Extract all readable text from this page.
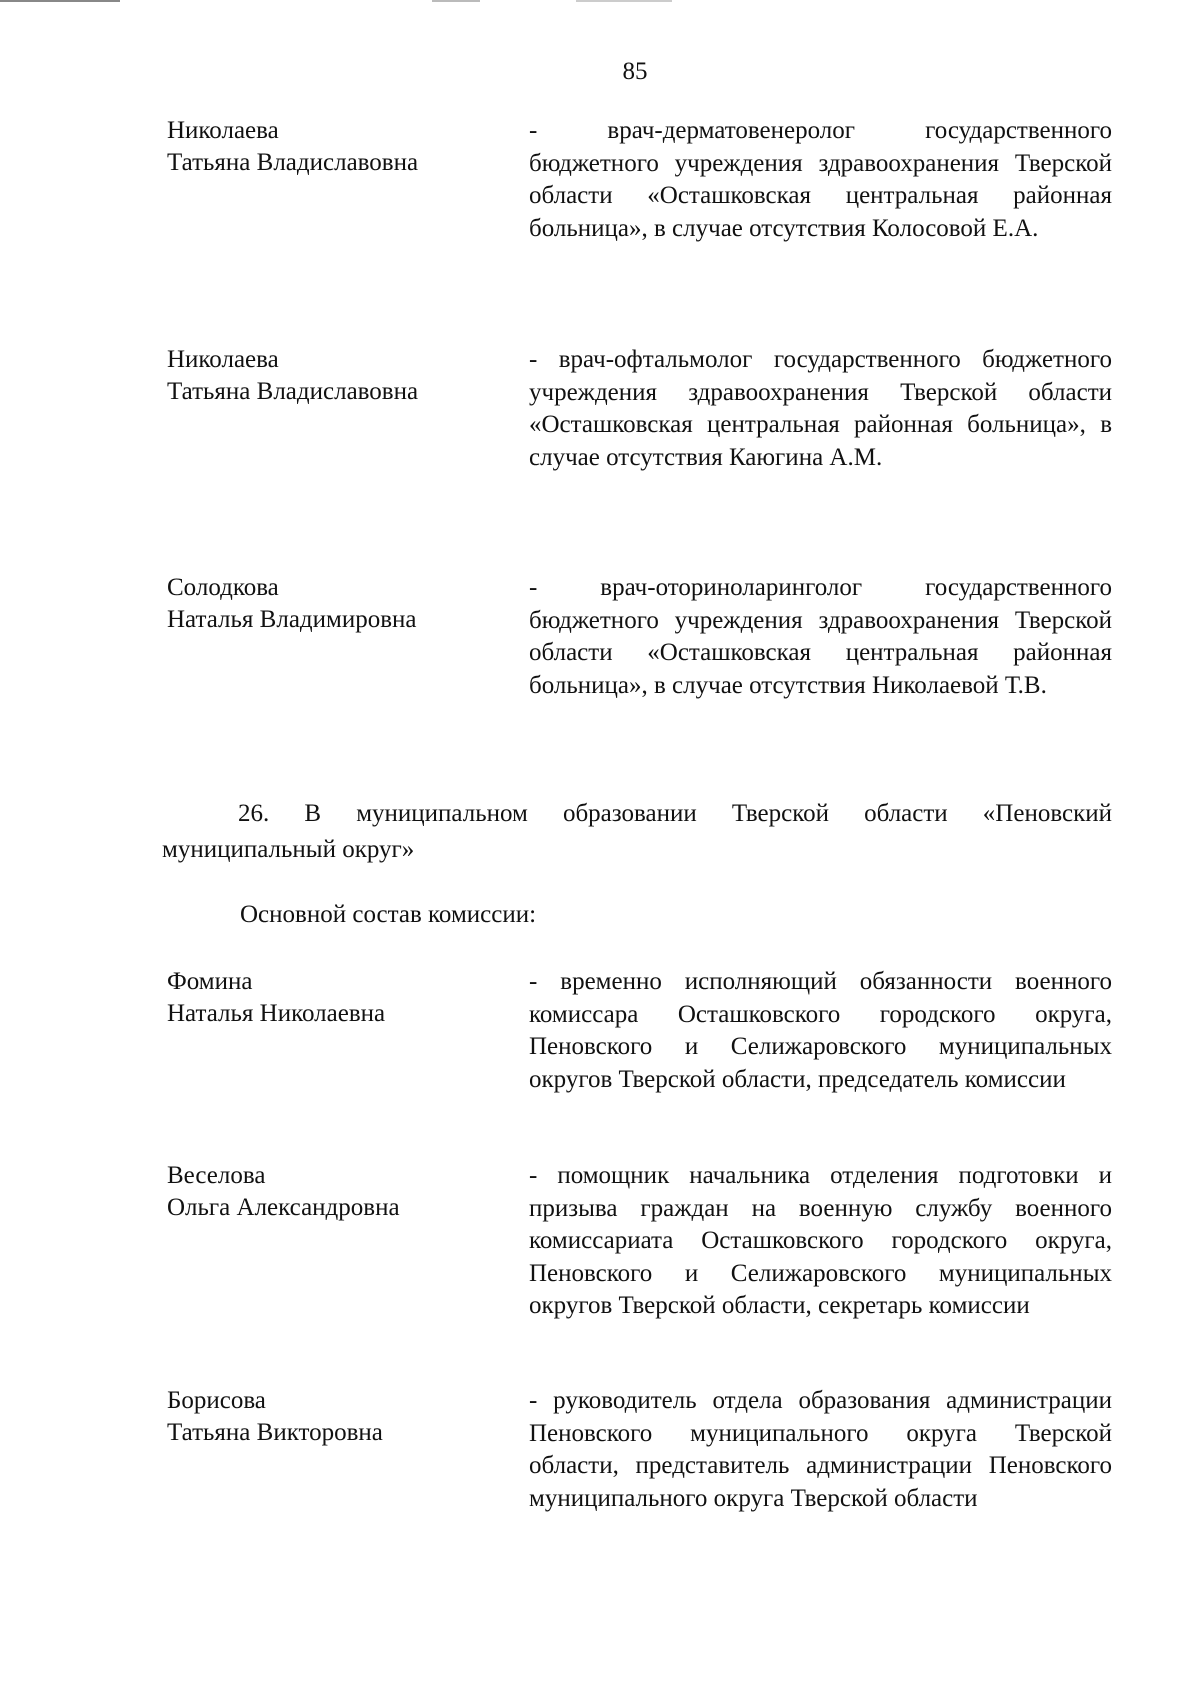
85
Николаева
Татьяна Владиславовна
- врач-дерматовенеролог государственного бюджетного учреждения здравоохранения Тверской области «Осташковская центральная районная больница», в случае отсутствия Колосовой Е.А.
Николаева
Татьяна Владиславовна
- врач-офтальмолог государственного бюджетного учреждения здравоохранения Тверской области «Осташковская центральная районная больница», в случае отсутствия Каюгина А.М.
Солодкова
Наталья Владимировна
- врач-оториноларинголог государственного бюджетного учреждения здравоохранения Тверской области «Осташковская центральная районная больница», в случае отсутствия Николаевой Т.В.
26. В муниципальном образовании Тверской области «Пеновский муниципальный округ»
Основной состав комиссии:
Фомина
Наталья Николаевна
- временно исполняющий обязанности военного комиссара Осташковского городского округа, Пеновского и Селижаровского муниципальных округов Тверской области, председатель комиссии
Веселова
Ольга Александровна
- помощник начальника отделения подготовки и призыва граждан на военную службу военного комиссариата Осташковского городского округа, Пеновского и Селижаровского муниципальных округов Тверской области, секретарь комиссии
Борисова
Татьяна Викторовна
- руководитель отдела образования администрации Пеновского муниципального округа Тверской области, представитель администрации Пеновского муниципального округа Тверской области
